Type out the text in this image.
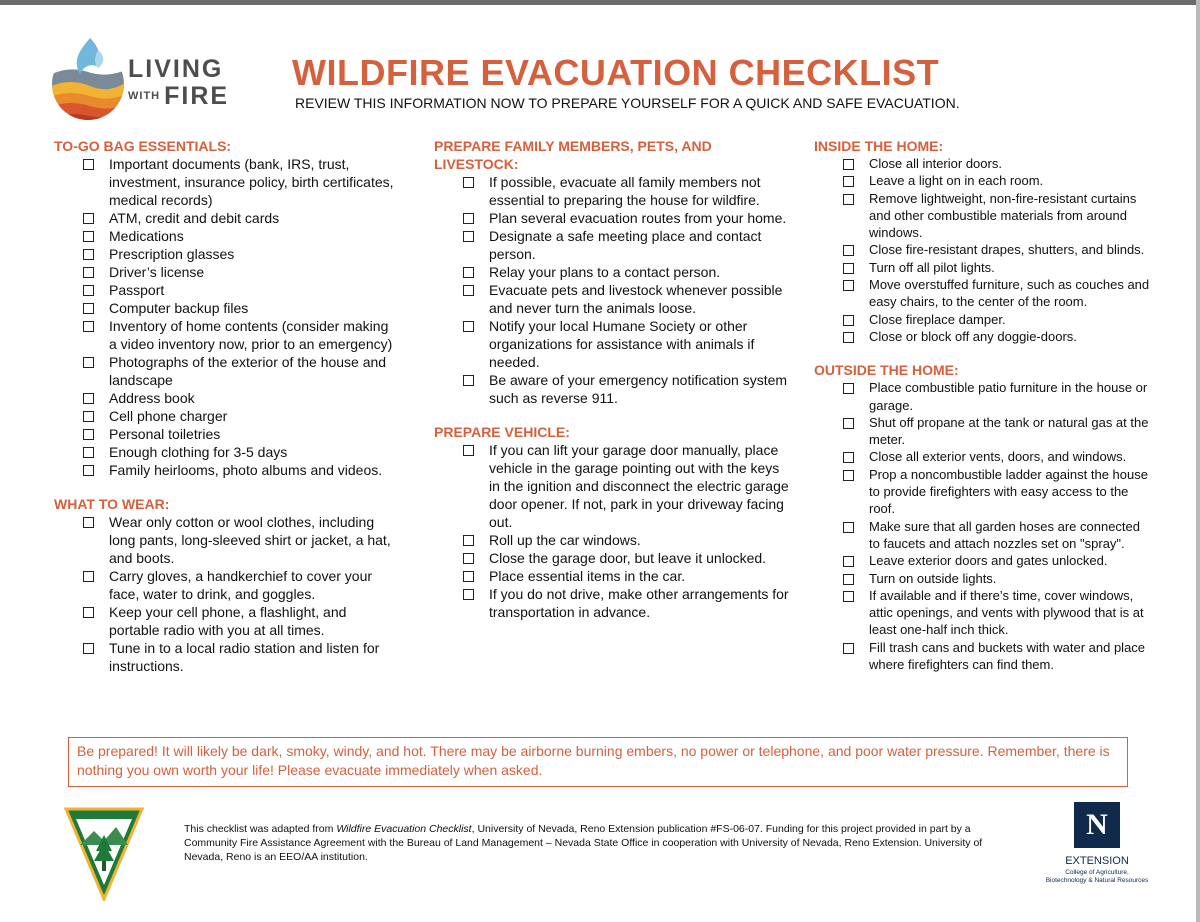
LIVING
WITH FIRE
WILDFIRE EVACUATION CHECKLIST
REVIEW THIS INFORMATION NOW TO PREPARE YOURSELF FOR A QUICK AND SAFE EVACUATION.
TO-GO BAG ESSENTIALS:
Important documents (bank, IRS, trust, investment, insurance policy, birth certificates, medical records)
ATM, credit and debit cards
Medications
Prescription glasses
Driver’s license
Passport
Computer backup files
Inventory of home contents (consider making a video inventory now, prior to an emergency)
Photographs of the exterior of the house and landscape
Address book
Cell phone charger
Personal toiletries
Enough clothing for 3-5 days
Family heirlooms, photo albums and videos.
WHAT TO WEAR:
Wear only cotton or wool clothes, including long pants, long-sleeved shirt or jacket, a hat, and boots.
Carry gloves, a handkerchief to cover your face, water to drink, and goggles.
Keep your cell phone, a flashlight, and portable radio with you at all times.
Tune in to a local radio station and listen for instructions.
PREPARE FAMILY MEMBERS, PETS, AND LIVESTOCK:
If possible, evacuate all family members not essential to preparing the house for wildfire.
Plan several evacuation routes from your home.
Designate a safe meeting place and contact person.
Relay your plans to a contact person.
Evacuate pets and livestock whenever possible and never turn the animals loose.
Notify your local Humane Society or other organizations for assistance with animals if needed.
Be aware of your emergency notification system such as reverse 911.
PREPARE VEHICLE:
If you can lift your garage door manually, place vehicle in the garage pointing out with the keys in the ignition and disconnect the electric garage door opener. If not, park in your driveway facing out.
Roll up the car windows.
Close the garage door, but leave it unlocked.
Place essential items in the car.
If you do not drive, make other arrangements for transportation in advance.
INSIDE THE HOME:
Close all interior doors.
Leave a light on in each room.
Remove lightweight, non-fire-resistant curtains and other combustible materials from around windows.
Close fire-resistant drapes, shutters, and blinds.
Turn off all pilot lights.
Move overstuffed furniture, such as couches and easy chairs, to the center of the room.
Close fireplace damper.
Close or block off any doggie-doors.
OUTSIDE THE HOME:
Place combustible patio furniture in the house or garage.
Shut off propane at the tank or natural gas at the meter.
Close all exterior vents, doors, and windows.
Prop a noncombustible ladder against the house to provide firefighters with easy access to the roof.
Make sure that all garden hoses are connected to faucets and attach nozzles set on "spray".
Leave exterior doors and gates unlocked.
Turn on outside lights.
If available and if there’s time, cover windows, attic openings, and vents with plywood that is at least one-half inch thick.
Fill trash cans and buckets with water and place where firefighters can find them.
Be prepared! It will likely be dark, smoky, windy, and hot. There may be airborne burning embers, no power or telephone, and poor water pressure. Remember, there is nothing you own worth your life! Please evacuate immediately when asked.
This checklist was adapted from Wildfire Evacuation Checklist, University of Nevada, Reno Extension publication #FS-06-07. Funding for this project provided in part by a Community Fire Assistance Agreement with the Bureau of Land Management – Nevada State Office in cooperation with University of Nevada, Reno Extension. University of Nevada, Reno is an EEO/AA institution.
N
EXTENSION
College of Agriculture,
Biotechnology & Natural Resources
